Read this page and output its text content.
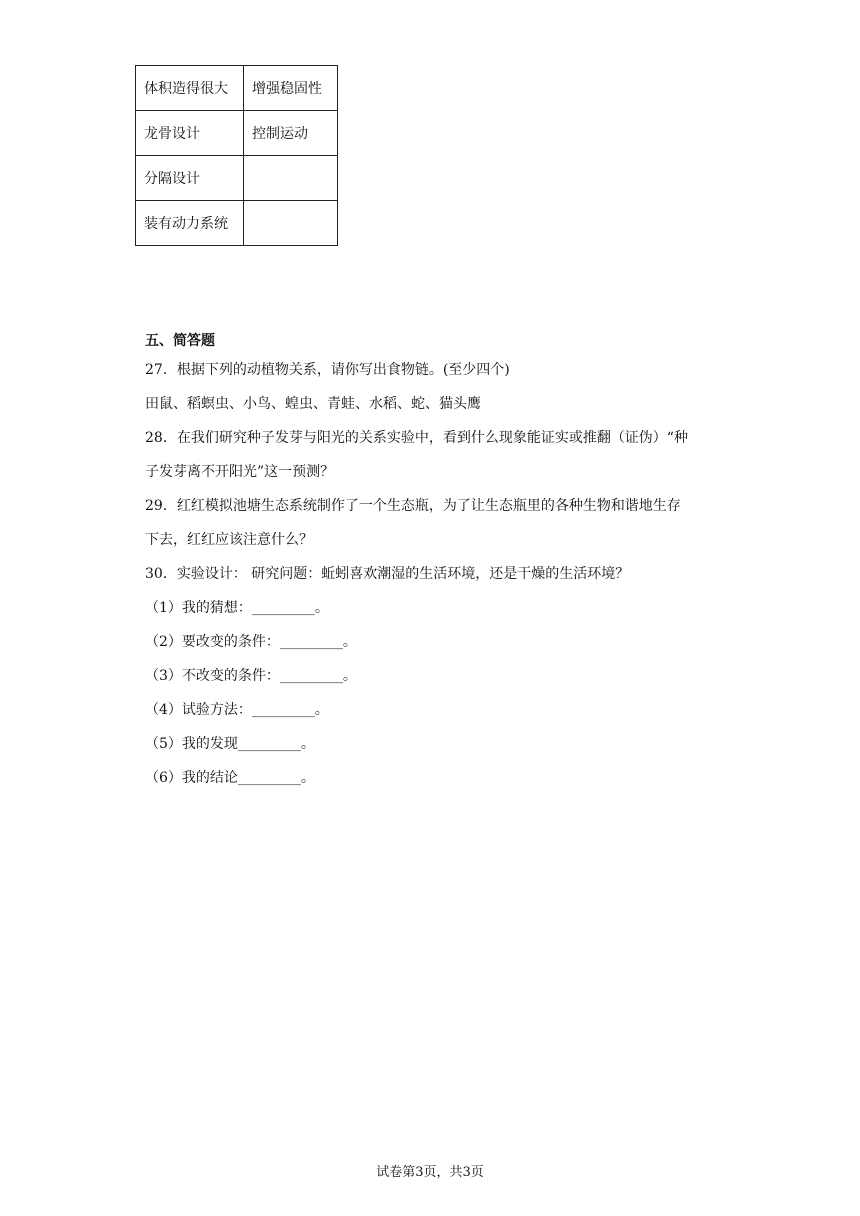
体积造得很大	增强稳固性
龙骨设计	控制运动
分隔设计	
装有动力系统	
五、简答题
27．根据下列的动植物关系，请你写出食物链。(至少四个)
田鼠、稻螟虫、小鸟、蝗虫、青蛙、水稻、蛇、猫头鹰
28．在我们研究种子发芽与阳光的关系实验中，看到什么现象能证实或推翻（证伪）“种
子发芽离不开阳光”这一预测？
29．红红模拟池塘生态系统制作了一个生态瓶，为了让生态瓶里的各种生物和谐地生存
下去，红红应该注意什么？
30．实验设计： 研究问题：蚯蚓喜欢潮湿的生活环境，还是干燥的生活环境？
（1）我的猜想：_________。
（2）要改变的条件：_________。
（3）不改变的条件：_________。
（4）试验方法：_________。
（5）我的发现_________。
（6）我的结论_________。
试卷第3页，共3页
